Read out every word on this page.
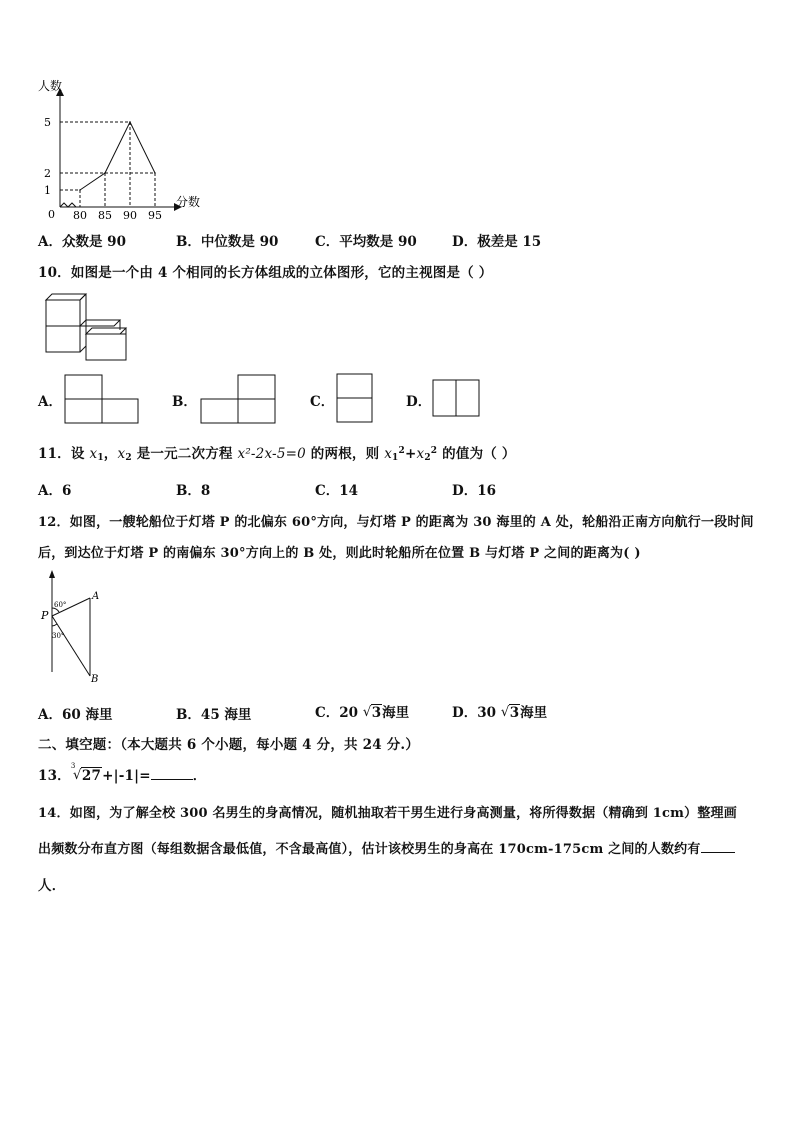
人数
分数
0 80 85 90 95
1
2
5
A．众数是 90	B．中位数是 90	C．平均数是 90	D．极差是 15
10．如图是一个由 4 个相同的长方体组成的立体图形，它的主视图是（ ）
A．	B．	C．	D．
11．设 $x_1$，$x_2$ 是一元二次方程 x²-2x-5=0 的两根，则 $x_1^2+x_2^2$ 的值为（ ）
A．6	B．8	C．14	D．16
12．如图，一艘轮船位于灯塔 P 的北偏东 60°方向，与灯塔 P 的距离为 30 海里的 A 处，轮船沿正南方向航行一段时间
后，到达位于灯塔 P 的南偏东 30°方向上的 B 处，则此时轮船所在位置 B 与灯塔 P 之间的距离为( )
P
A
B
60°
30°
A．60 海里	B．45 海里	C．20 √ 3海里	D．30 √ 3海里
二、填空题：（本大题共 6 个小题，每小题 4 分，共 24 分.）
13．
3
√ 27+|-1|=	．
14．如图，为了解全校 300 名男生的身高情况，随机抽取若干男生进行身高测量，将所得数据（精确到 1cm）整理画
出频数分布直方图（每组数据含最低值，不含最高值），估计该校男生的身高在 170cm-175cm 之间的人数约有
人．
